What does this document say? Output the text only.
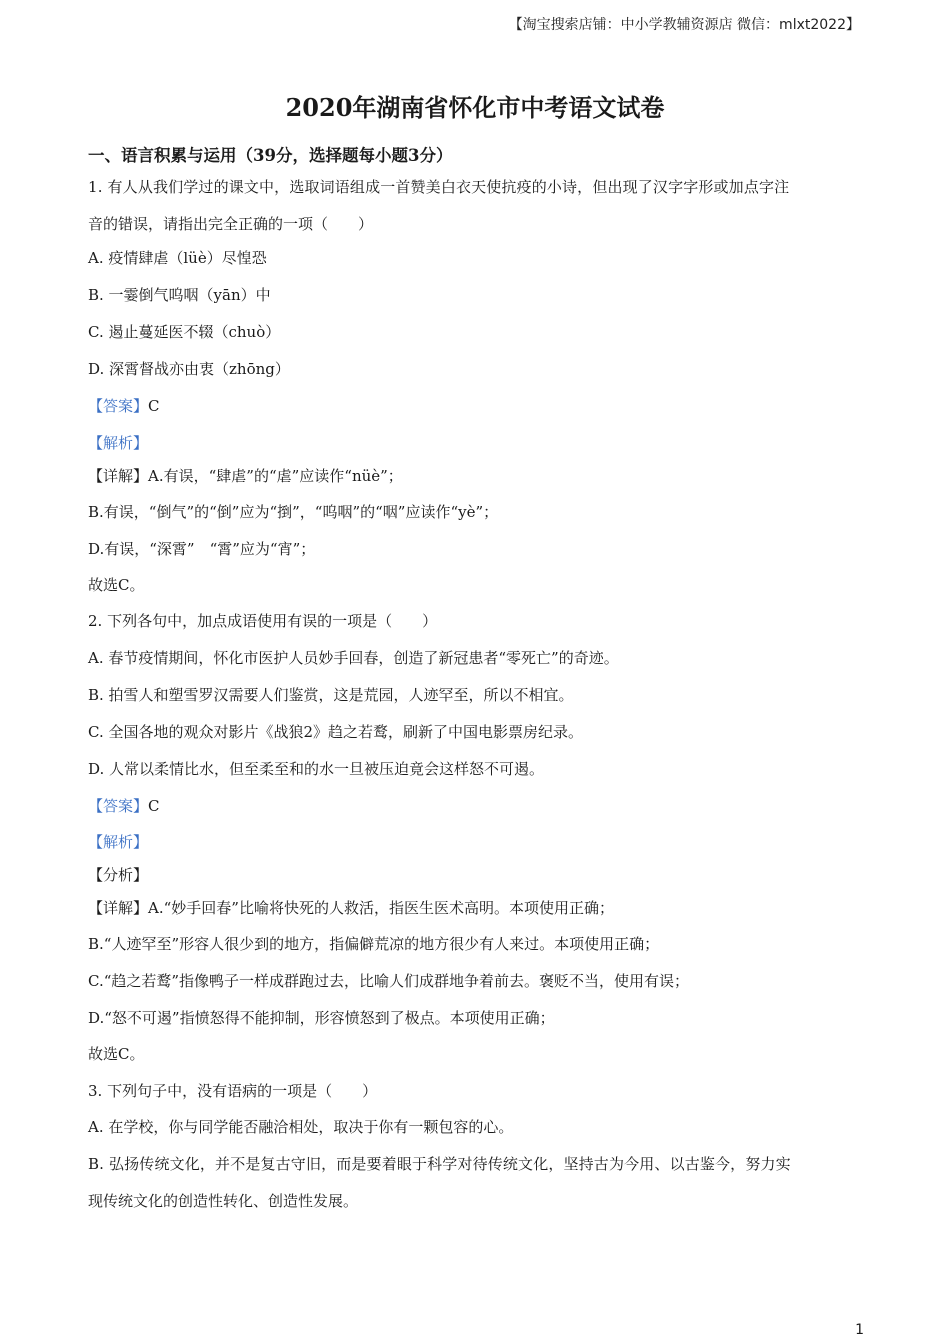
【淘宝搜索店铺：中小学教辅资源店 微信：mlxt2022】
2020年湖南省怀化市中考语文试卷
一、语言积累与运用（39分，选择题每小题3分）
1. 有人从我们学过的课文中，选取词语组成一首赞美白衣天使抗疫的小诗，但出现了汉字字形或加点字注
音的错误，请指出完全正确的一项（　　）
A. 疫情肆虐（lüè）尽惶恐
B. 一霎倒气呜咽（yān）中
C. 遏止蔓延医不辍（chuò）
D. 深霄督战亦由衷（zhōng）
【答案】C
【解析】
【详解】A.有误，“肆虐”的“虐”应读作“nüè”；
B.有误，“倒气”的“倒”应为“捯”，“呜咽”的“咽”应读作“yè”；
D.有误，“深霄”　“霄”应为“宵”；
故选C。
2. 下列各句中，加点成语使用有误的一项是（　　）
A. 春节疫情期间，怀化市医护人员妙手回春，创造了新冠患者“零死亡”的奇迹。
B. 拍雪人和塑雪罗汉需要人们鉴赏，这是荒园，人迹罕至，所以不相宜。
C. 全国各地的观众对影片《战狼2》趋之若鹜，刷新了中国电影票房纪录。
D. 人常以柔情比水，但至柔至和的水一旦被压迫竟会这样怒不可遏。
【答案】C
【解析】
【分析】
【详解】A.“妙手回春”比喻将快死的人救活，指医生医术高明。本项使用正确；
B.“人迹罕至”形容人很少到的地方，指偏僻荒凉的地方很少有人来过。本项使用正确；
C.“趋之若鹜”指像鸭子一样成群跑过去，比喻人们成群地争着前去。褒贬不当，使用有误；
D.“怒不可遏”指愤怒得不能抑制，形容愤怒到了极点。本项使用正确；
故选C。
3. 下列句子中，没有语病的一项是（　　）
A. 在学校，你与同学能否融洽相处，取决于你有一颗包容的心。
B. 弘扬传统文化，并不是复古守旧，而是要着眼于科学对待传统文化，坚持古为今用、以古鉴今，努力实
现传统文化的创造性转化、创造性发展。
1
